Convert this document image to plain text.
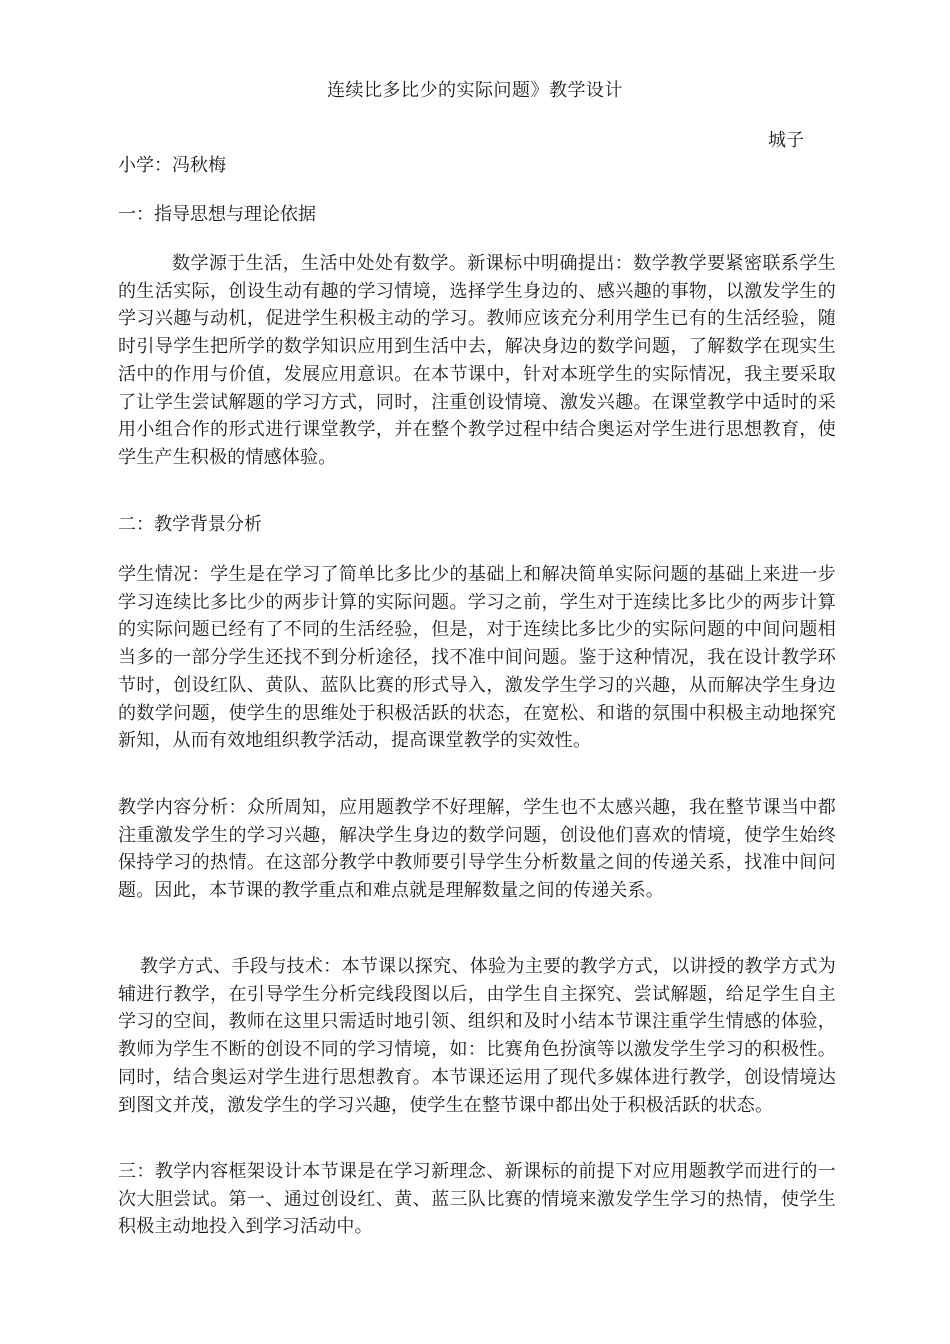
连续比多比少的实际问题》教学设计
城子
小学：冯秋梅
一：指导思想与理论依据
数学源于生活，生活中处处有数学。新课标中明确提出：数学教学要紧密联系学生的生活实际，创设生动有趣的学习情境，选择学生身边的、感兴趣的事物，以激发学生的学习兴趣与动机，促进学生积极主动的学习。教师应该充分利用学生已有的生活经验，随时引导学生把所学的数学知识应用到生活中去，解决身边的数学问题，了解数学在现实生活中的作用与价值，发展应用意识。在本节课中，针对本班学生的实际情况，我主要采取了让学生尝试解题的学习方式，同时，注重创设情境、激发兴趣。在课堂教学中适时的采用小组合作的形式进行课堂教学，并在整个教学过程中结合奥运对学生进行思想教育，使学生产生积极的情感体验。
二：教学背景分析
学生情况：学生是在学习了简单比多比少的基础上和解决简单实际问题的基础上来进一步学习连续比多比少的两步计算的实际问题。学习之前，学生对于连续比多比少的两步计算的实际问题已经有了不同的生活经验，但是，对于连续比多比少的实际问题的中间问题相当多的一部分学生还找不到分析途径，找不准中间问题。鉴于这种情况，我在设计教学环节时，创设红队、黄队、蓝队比赛的形式导入，激发学生学习的兴趣，从而解决学生身边的数学问题，使学生的思维处于积极活跃的状态，在宽松、和谐的氛围中积极主动地探究新知，从而有效地组织教学活动，提高课堂教学的实效性。
教学内容分析：众所周知，应用题教学不好理解，学生也不太感兴趣，我在整节课当中都注重激发学生的学习兴趣，解决学生身边的数学问题，创设他们喜欢的情境，使学生始终保持学习的热情。在这部分教学中教师要引导学生分析数量之间的传递关系，找准中间问题。因此，本节课的教学重点和难点就是理解数量之间的传递关系。
教学方式、手段与技术：本节课以探究、体验为主要的教学方式，以讲授的教学方式为辅进行教学，在引导学生分析完线段图以后，由学生自主探究、尝试解题，给足学生自主学习的空间，教师在这里只需适时地引领、组织和及时小结本节课注重学生情感的体验，教师为学生不断的创设不同的学习情境，如：比赛角色扮演等以激发学生学习的积极性。同时，结合奥运对学生进行思想教育。本节课还运用了现代多媒体进行教学，创设情境达到图文并茂，激发学生的学习兴趣，使学生在整节课中都出处于积极活跃的状态。
三：教学内容框架设计本节课是在学习新理念、新课标的前提下对应用题教学而进行的一次大胆尝试。第一、通过创设红、黄、蓝三队比赛的情境来激发学生学习的热情，使学生积极主动地投入到学习活动中。
